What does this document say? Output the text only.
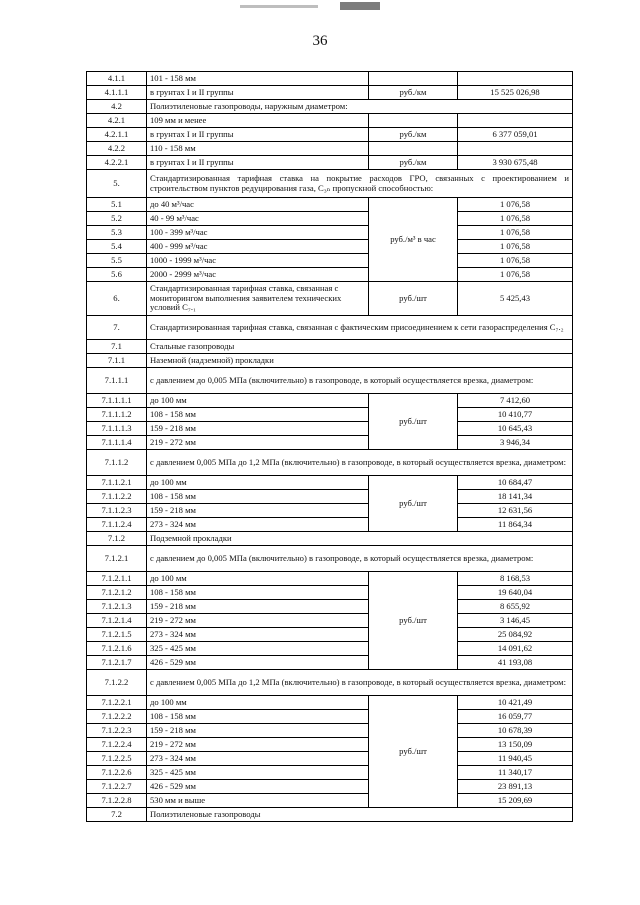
36
4.1.1	101 - 158 мм		
4.1.1.1	в грунтах I и II группы	руб./км	15 525 026,98
4.2	Полиэтиленовые газопроводы, наружным диаметром:		
4.2.1	109 мм и менее		
4.2.1.1	в грунтах I и II группы	руб./км	6 377 059,01
4.2.2	110 - 158 мм		
4.2.2.1	в грунтах I и II группы	руб./км	3 930 675,48
5.	Стандартизированная тарифная ставка на покрытие расходов ГРО, связанных с проектированием и строительством пунктов редуцирования газа, С₃ₙ пропускной способностью:		
5.1	до 40 м³/час	руб./м³ в час	1 076,58
5.2	40 - 99 м³/час		1 076,58
5.3	100 - 399 м³/час		1 076,58
5.4	400 - 999 м³/час		1 076,58
5.5	1000 - 1999 м³/час		1 076,58
5.6	2000 - 2999 м³/час		1 076,58
6.	Стандартизированная тарифная ставка, связанная с мониторингом выполнения заявителем технических условий С₇.₁	руб./шт	5 425,43
7.	Стандартизированная тарифная ставка, связанная с фактическим присоединением к сети газораспределения С₇.₂		
7.1	Стальные газопроводы		
7.1.1	Наземной (надземной) прокладки		
7.1.1.1	с давлением до 0,005 МПа (включительно) в газопроводе, в который осуществляется врезка, диаметром:		
7.1.1.1.1	до 100 мм	руб./шт	7 412,60
7.1.1.1.2	108 - 158 мм		10 410,77
7.1.1.1.3	159 - 218 мм		10 645,43
7.1.1.1.4	219 - 272 мм		3 946,34
7.1.1.2	с давлением 0,005 МПа до 1,2 МПа (включительно) в газопроводе, в который осуществляется врезка, диаметром:		
7.1.1.2.1	до 100 мм	руб./шт	10 684,47
7.1.1.2.2	108 - 158 мм		18 141,34
7.1.1.2.3	159 - 218 мм		12 631,56
7.1.1.2.4	273 - 324 мм		11 864,34
7.1.2	Подземной прокладки		
7.1.2.1	с давлением до 0,005 МПа (включительно) в газопроводе, в который осуществляется врезка, диаметром:		
7.1.2.1.1	до 100 мм	руб./шт	8 168,53
7.1.2.1.2	108 - 158 мм		19 640,04
7.1.2.1.3	159 - 218 мм		8 655,92
7.1.2.1.4	219 - 272 мм		3 146,45
7.1.2.1.5	273 - 324 мм		25 084,92
7.1.2.1.6	325 - 425 мм		14 091,62
7.1.2.1.7	426 - 529 мм		41 193,08
7.1.2.2	с давлением 0,005 МПа до 1,2 МПа (включительно) в газопроводе, в который осуществляется врезка, диаметром:		
7.1.2.2.1	до 100 мм	руб./шт	10 421,49
7.1.2.2.2	108 - 158 мм		16 059,77
7.1.2.2.3	159 - 218 мм		10 678,39
7.1.2.2.4	219 - 272 мм		13 150,09
7.1.2.2.5	273 - 324 мм		11 940,45
7.1.2.2.6	325 - 425 мм		11 340,17
7.1.2.2.7	426 - 529 мм		23 891,13
7.1.2.2.8	530 мм и выше		15 209,69
7.2	Полиэтиленовые газопроводы		
